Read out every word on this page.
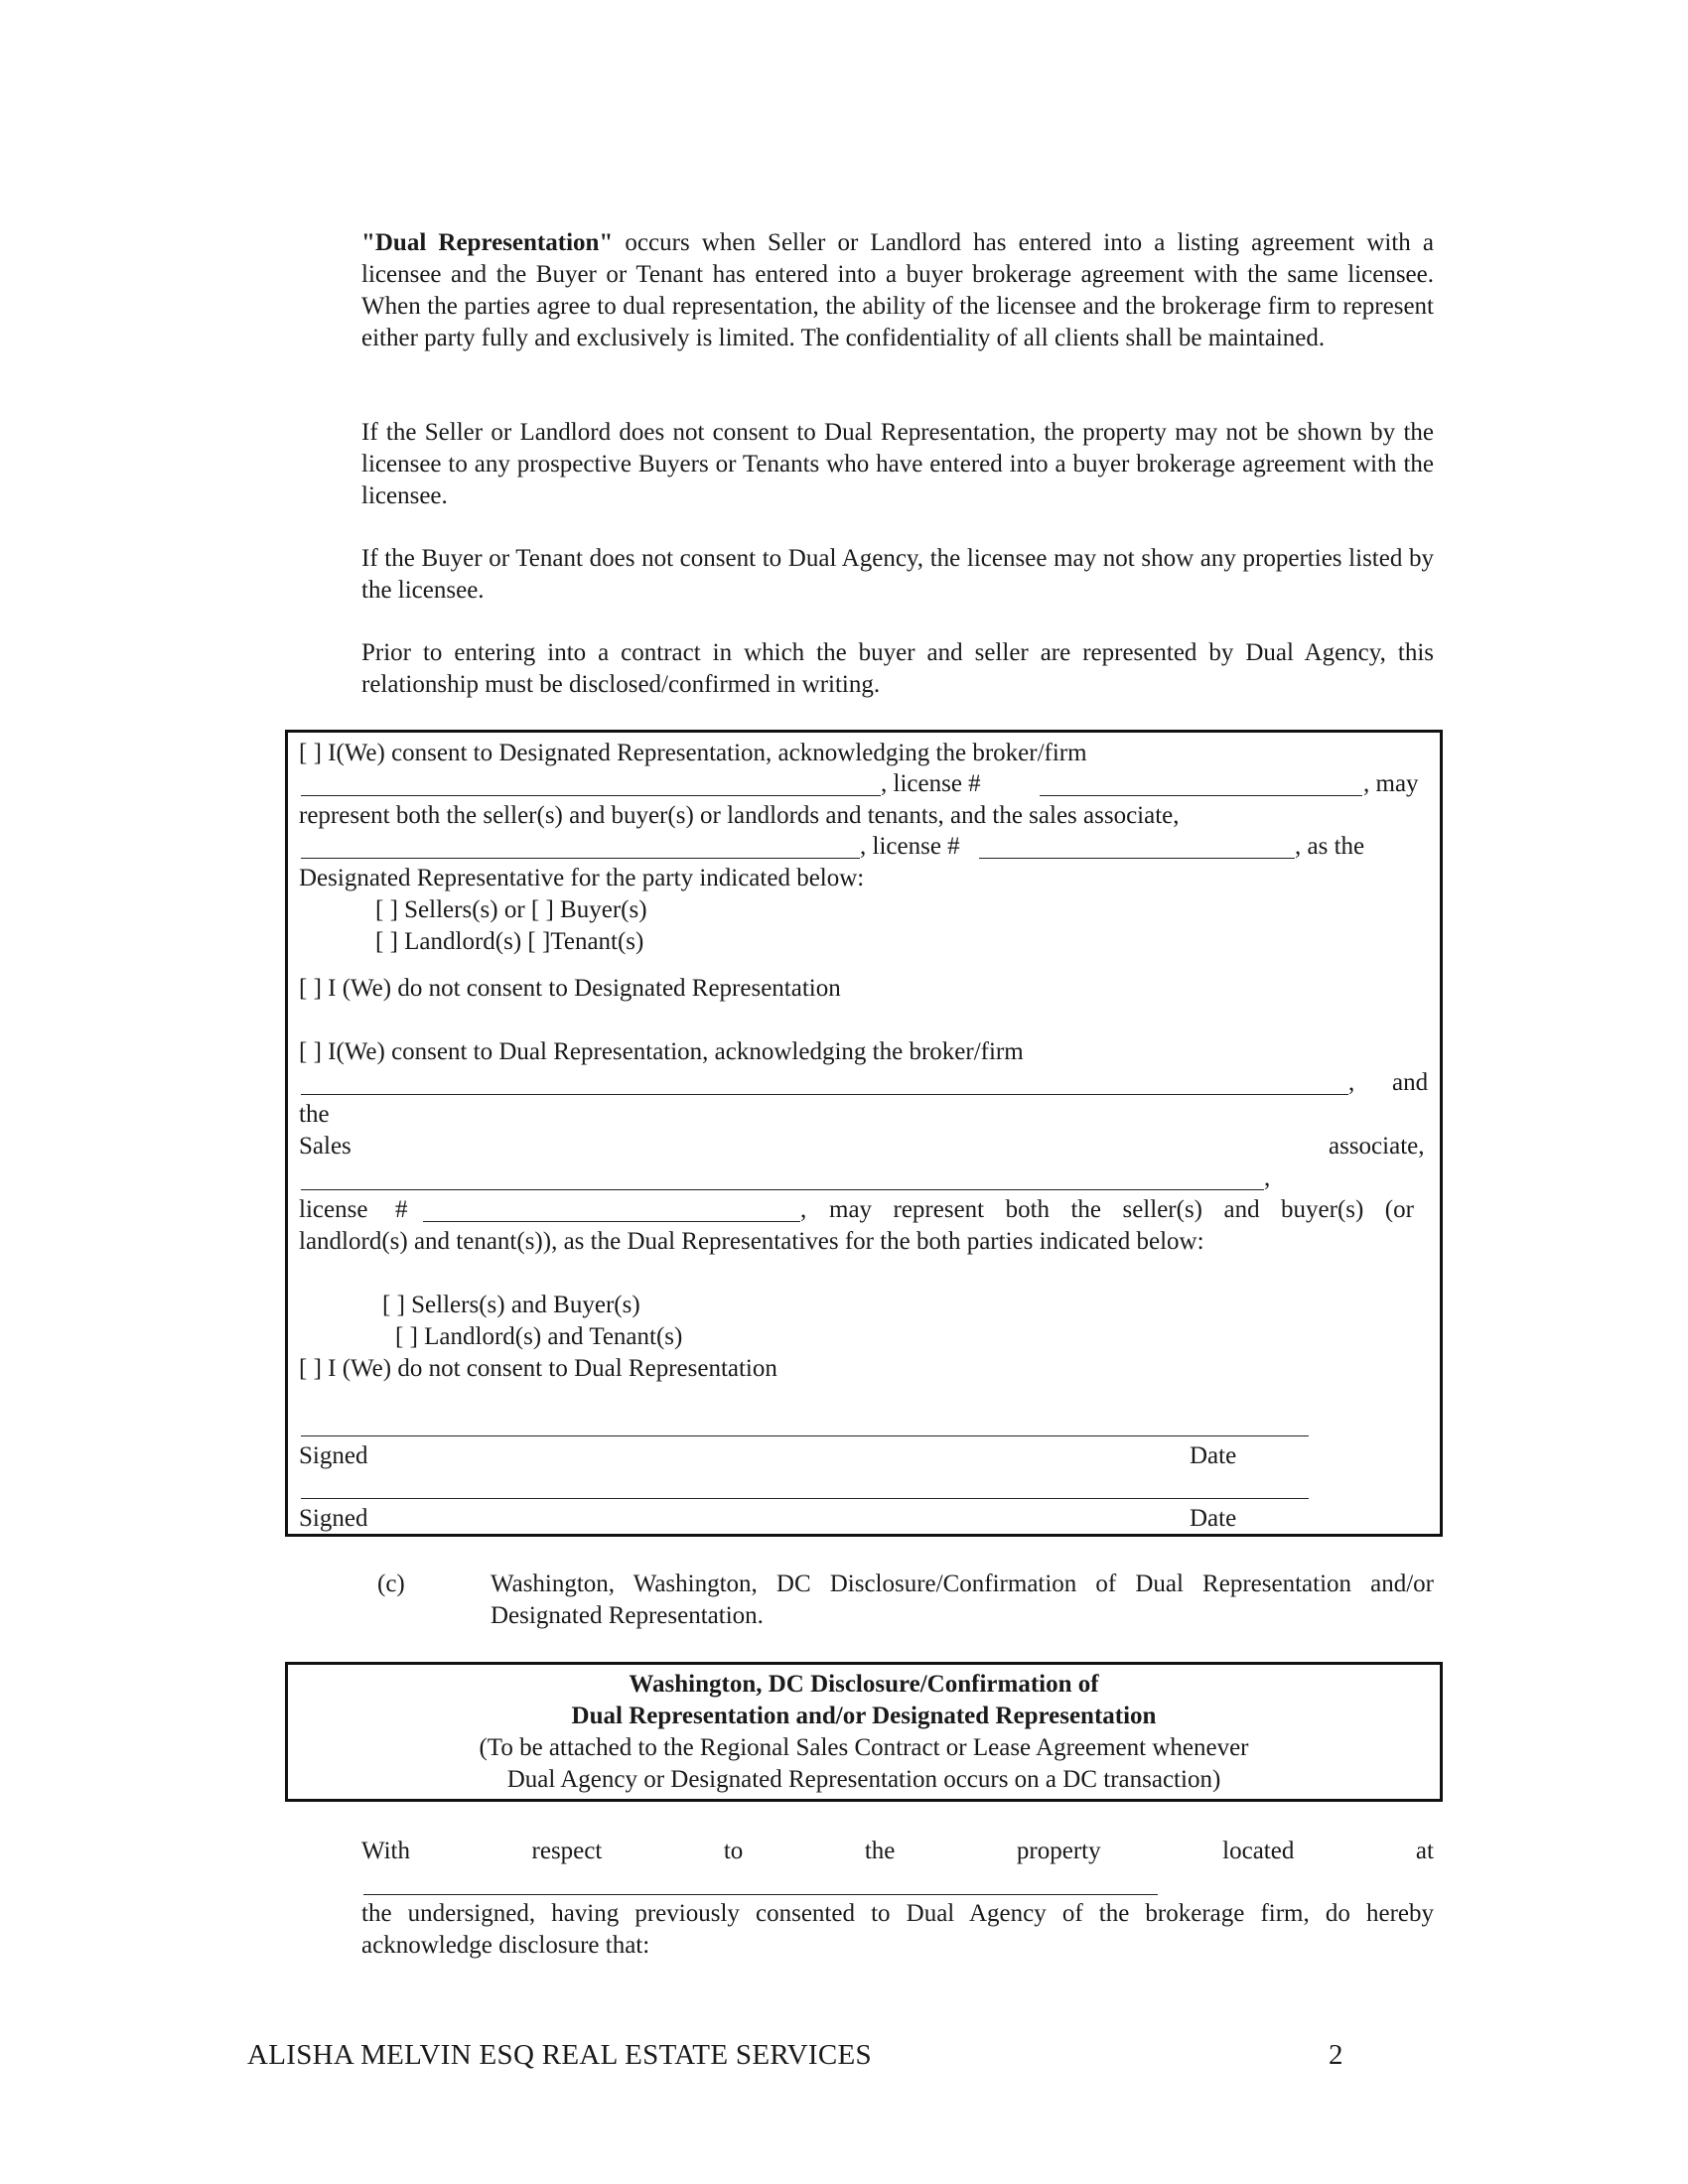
"Dual Representation" occurs when Seller or Landlord has entered into a listing agreement with a licensee and the Buyer or Tenant has entered into a buyer brokerage agreement with the same licensee. When the parties agree to dual representation, the ability of the licensee and the brokerage firm to represent either party fully and exclusively is limited. The confidentiality of all clients shall be maintained.

If the Seller or Landlord does not consent to Dual Representation, the property may not be shown by the licensee to any prospective Buyers or Tenants who have entered into a buyer brokerage agreement with the licensee.

If the Buyer or Tenant does not consent to Dual Agency, the licensee may not show any properties listed by the licensee.

Prior to entering into a contract in which the buyer and seller are represented by Dual Agency, this relationship must be disclosed/confirmed in writing.

[ ] I(We) consent to Designated Representation, acknowledging the broker/firm
, license #	, may
represent both the seller(s) and buyer(s) or landlords and tenants, and the sales associate,
, license #	, as the
Designated Representative for the party indicated below:
[ ] Sellers(s) or [ ] Buyer(s)
[ ] Landlord(s) [ ]Tenant(s)
[ ] I (We) do not consent to Designated Representation
[ ] I(We) consent to Dual Representation, acknowledging the broker/firm
, and
the
Sales	associate,
,
license #	, may represent both the seller(s) and buyer(s) (or
landlord(s) and tenant(s)), as the Dual Representatives for the both parties indicated below:
[ ] Sellers(s) and Buyer(s)
[ ] Landlord(s) and Tenant(s)
[ ] I (We) do not consent to Dual Representation
Signed	Date
Signed	Date
(c)	Washington, Washington, DC Disclosure/Confirmation of Dual Representation and/or Designated Representation.

Washington, DC Disclosure/Confirmation of
Dual Representation and/or Designated Representation
(To be attached to the Regional Sales Contract or Lease Agreement whenever
Dual Agency or Designated Representation occurs on a DC transaction)
With	respect	to	the	property	located	at

the undersigned, having previously consented to Dual Agency of the brokerage firm, do hereby acknowledge disclosure that:

ALISHA MELVIN ESQ REAL ESTATE SERVICES	2
